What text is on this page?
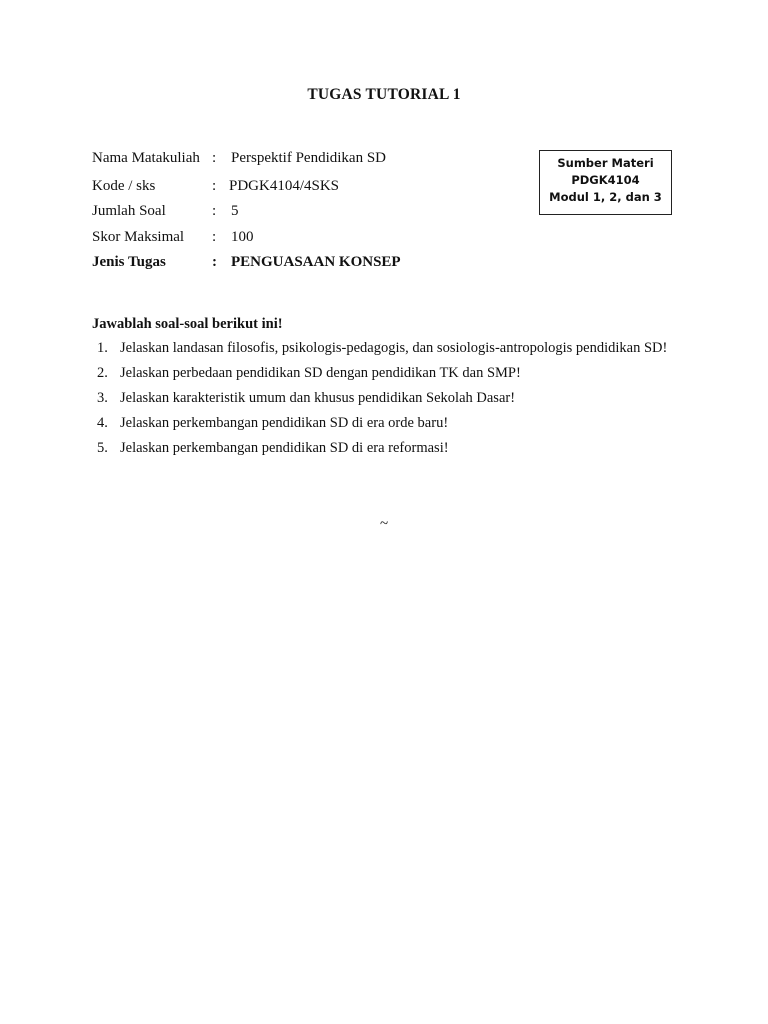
TUGAS TUTORIAL 1
Nama Matakuliah : Perspektif Pendidikan SD
Kode / sks	: PDGK4104/4SKS
Jumlah Soal	: 5
Skor Maksimal : 100
Jenis Tugas	: PENGUASAAN KONSEP
Sumber Materi
PDGK4104
Modul 1, 2, dan 3
Jawablah soal-soal berikut ini!
1. Jelaskan landasan filosofis, psikologis-pedagogis, dan sosiologis-antropologis pendidikan SD!
2. Jelaskan perbedaan pendidikan SD dengan pendidikan TK dan SMP!
3. Jelaskan karakteristik umum dan khusus pendidikan Sekolah Dasar!
4. Jelaskan perkembangan pendidikan SD di era orde baru!
5. Jelaskan perkembangan pendidikan SD di era reformasi!
~
